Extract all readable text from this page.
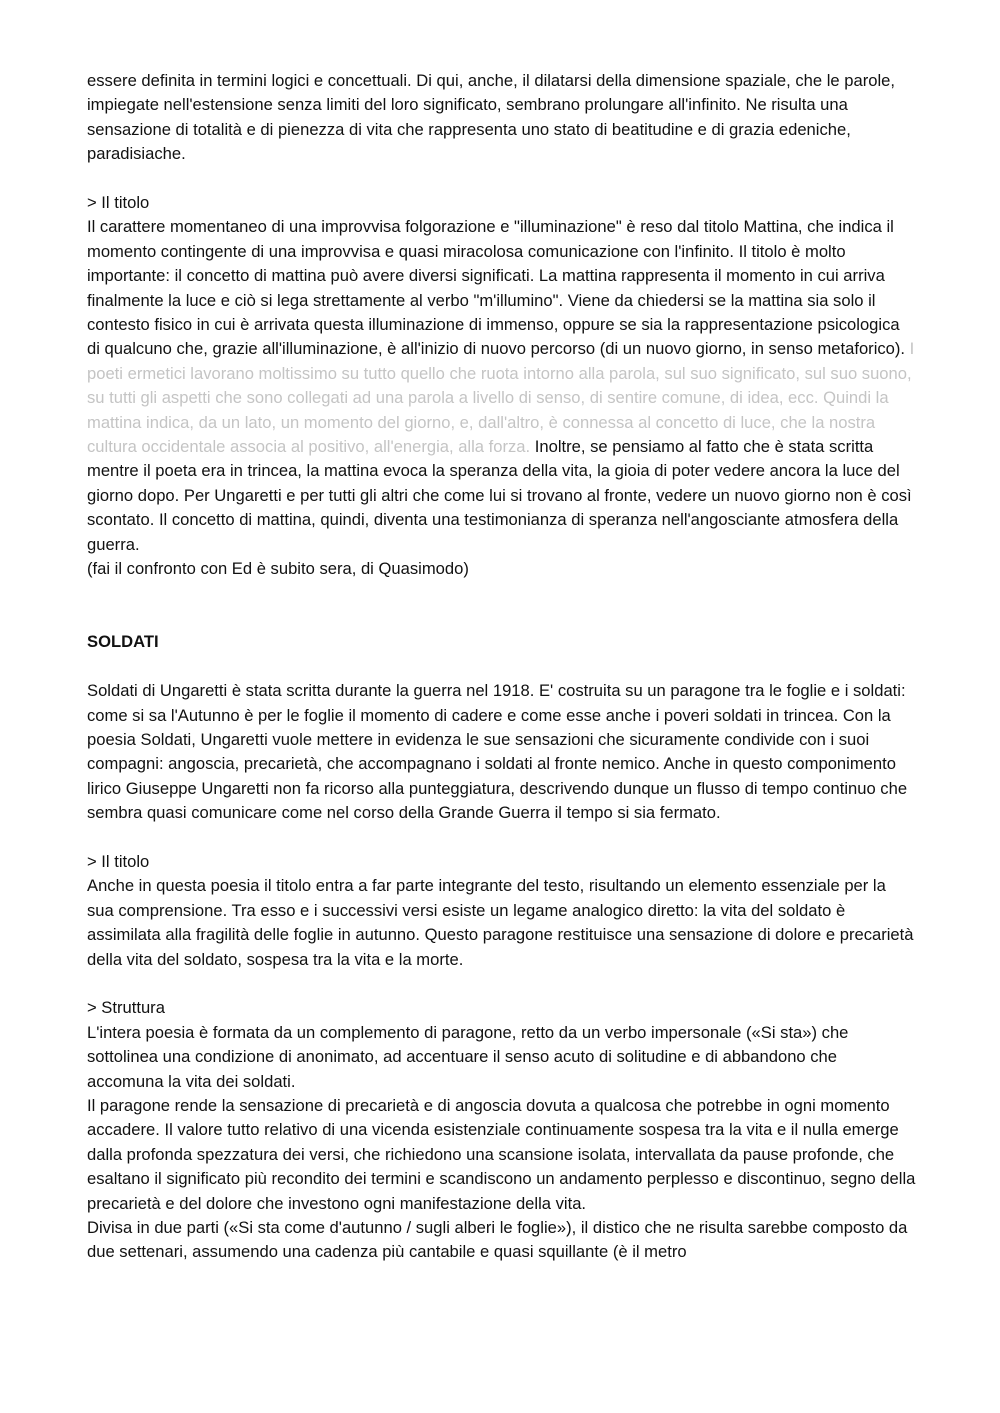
essere definita in termini logici e concettuali. Di qui, anche, il dilatarsi della dimensione spaziale, che le parole, impiegate nell'estensione senza limiti del loro significato, sembrano prolungare all'infinito. Ne risulta una sensazione di totalità e di pienezza di vita che rappresenta uno stato di beatitudine e di grazia edeniche, paradisiache.

> Il titolo

Il carattere momentaneo di una improvvisa folgorazione e "illuminazione" è reso dal titolo Mattina, che indica il momento contingente di una improvvisa e quasi miracolosa comunicazione con l'infinito. Il titolo è molto importante: il concetto di mattina può avere diversi significati. La mattina rappresenta il momento in cui arriva finalmente la luce e ciò si lega strettamente al verbo "m'illumino". Viene da chiedersi se la mattina sia solo il contesto fisico in cui è arrivata questa illuminazione di immenso, oppure se sia la rappresentazione psicologica di qualcuno che, grazie all'illuminazione, è all'inizio di nuovo percorso (di un nuovo giorno, in senso metaforico). I poeti ermetici lavorano moltissimo su tutto quello che ruota intorno alla parola, sul suo significato, sul suo suono, su tutti gli aspetti che sono collegati ad una parola a livello di senso, di sentire comune, di idea, ecc. Quindi la mattina indica, da un lato, un momento del giorno, e, dall'altro, è connessa al concetto di luce, che la nostra cultura occidentale associa al positivo, all'energia, alla forza. Inoltre, se pensiamo al fatto che è stata scritta mentre il poeta era in trincea, la mattina evoca la speranza della vita, la gioia di poter vedere ancora la luce del giorno dopo. Per Ungaretti e per tutti gli altri che come lui si trovano al fronte, vedere un nuovo giorno non è così scontato. Il concetto di mattina, quindi, diventa una testimonianza di speranza nell'angosciante atmosfera della guerra.

(fai il confronto con Ed è subito sera, di Quasimodo)

SOLDATI

Soldati di Ungaretti è stata scritta durante la guerra nel 1918. E' costruita su un paragone tra le foglie e i soldati: come si sa l'Autunno è per le foglie il momento di cadere e come esse anche i poveri soldati in trincea. Con la poesia Soldati, Ungaretti vuole mettere in evidenza le sue sensazioni che sicuramente condivide con i suoi compagni: angoscia, precarietà, che accompagnano i soldati al fronte nemico. Anche in questo componimento lirico Giuseppe Ungaretti non fa ricorso alla punteggiatura, descrivendo dunque un flusso di tempo continuo che sembra quasi comunicare come nel corso della Grande Guerra il tempo si sia fermato.

> Il titolo

Anche in questa poesia il titolo entra a far parte integrante del testo, risultando un elemento essenziale per la sua comprensione. Tra esso e i successivi versi esiste un legame analogico diretto: la vita del soldato è assimilata alla fragilità delle foglie in autunno. Questo paragone restituisce una sensazione di dolore e precarietà della vita del soldato, sospesa tra la vita e la morte.

> Struttura

L'intera poesia è formata da un complemento di paragone, retto da un verbo impersonale («Si sta») che sottolinea una condizione di anonimato, ad accentuare il senso acuto di solitudine e di abbandono che accomuna la vita dei soldati.

Il paragone rende la sensazione di precarietà e di angoscia dovuta a qualcosa che potrebbe in ogni momento accadere. Il valore tutto relativo di una vicenda esistenziale continuamente sospesa tra la vita e il nulla emerge dalla profonda spezzatura dei versi, che richiedono una scansione isolata, intervallata da pause profonde, che esaltano il significato più recondito dei termini e scandiscono un andamento perplesso e discontinuo, segno della precarietà e del dolore che investono ogni manifestazione della vita.

Divisa in due parti («Si sta come d'autunno / sugli alberi le foglie»), il distico che ne risulta sarebbe composto da due settenari, assumendo una cadenza più cantabile e quasi squillante (è il metro
